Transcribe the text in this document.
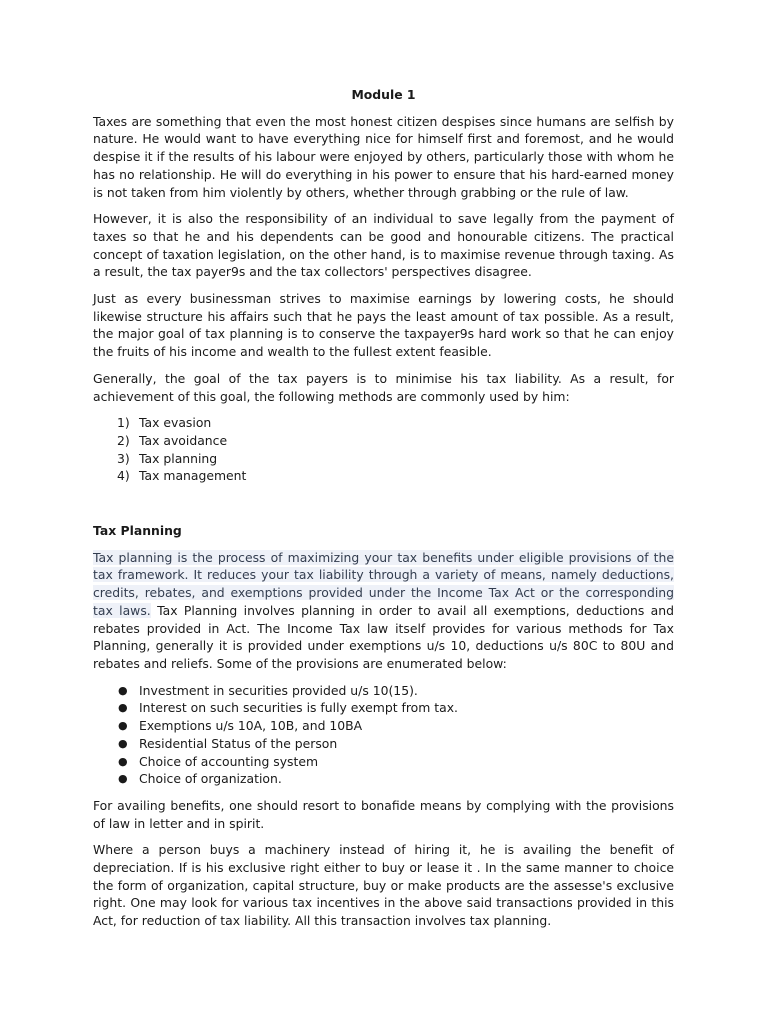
Module 1

Taxes are something that even the most honest citizen despises since humans are selfish by nature. He would want to have everything nice for himself first and foremost, and he would despise it if the results of his labour were enjoyed by others, particularly those with whom he has no relationship. He will do everything in his power to ensure that his hard-earned money is not taken from him violently by others, whether through grabbing or the rule of law.

However, it is also the responsibility of an individual to save legally from the payment of taxes so that he and his dependents can be good and honourable citizens. The practical concept of taxation legislation, on the other hand, is to maximise revenue through taxing. As a result, the tax payer9s and the tax collectors' perspectives disagree.

Just as every businessman strives to maximise earnings by lowering costs, he should likewise structure his affairs such that he pays the least amount of tax possible. As a result, the major goal of tax planning is to conserve the taxpayer9s hard work so that he can enjoy the fruits of his income and wealth to the fullest extent feasible.

Generally, the goal of the tax payers is to minimise his tax liability. As a result, for achievement of this goal, the following methods are commonly used by him:

1) Tax evasion
2) Tax avoidance
3) Tax planning
4) Tax management
Tax Planning

Tax planning is the process of maximizing your tax benefits under eligible provisions of the tax framework. It reduces your tax liability through a variety of means, namely deductions, credits, rebates, and exemptions provided under the Income Tax Act or the corresponding tax laws. Tax Planning involves planning in order to avail all exemptions, deductions and rebates provided in Act. The Income Tax law itself provides for various methods for Tax Planning, generally it is provided under exemptions u/s 10, deductions u/s 80C to 80U and rebates and reliefs. Some of the provisions are enumerated below:

● Investment in securities provided u/s 10(15).
● Interest on such securities is fully exempt from tax.
● Exemptions u/s 10A, 10B, and 10BA
● Residential Status of the person
● Choice of accounting system
● Choice of organization.

For availing benefits, one should resort to bonafide means by complying with the provisions of law in letter and in spirit.

Where a person buys a machinery instead of hiring it, he is availing the benefit of depreciation. If is his exclusive right either to buy or lease it . In the same manner to choice the form of organization, capital structure, buy or make products are the assesse's exclusive right. One may look for various tax incentives in the above said transactions provided in this Act, for reduction of tax liability. All this transaction involves tax planning.
